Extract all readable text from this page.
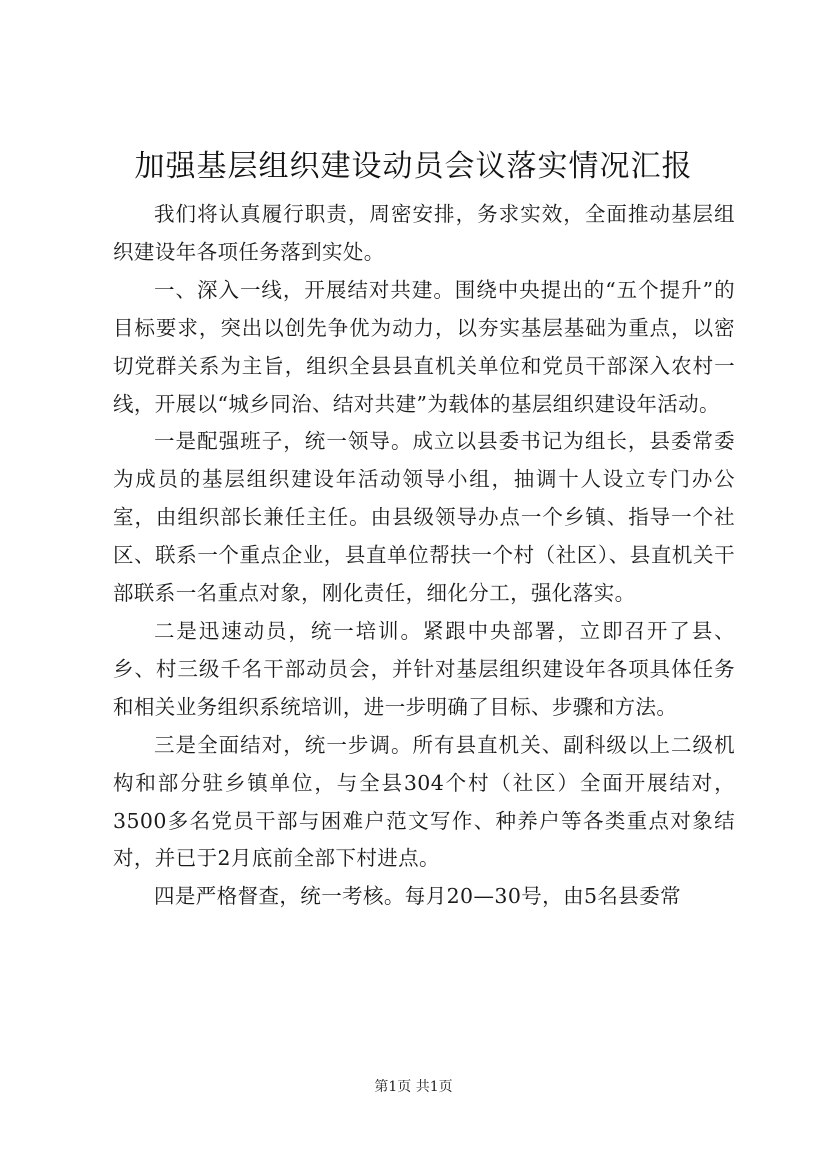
加强基层组织建设动员会议落实情况汇报

我们将认真履行职责，周密安排，务求实效，全面推动基层组织建设年各项任务落到实处。

一、深入一线，开展结对共建。围绕中央提出的“五个提升”的目标要求，突出以创先争优为动力，以夯实基层基础为重点，以密切党群关系为主旨，组织全县县直机关单位和党员干部深入农村一线，开展以“城乡同治、结对共建”为载体的基层组织建设年活动。

一是配强班子，统一领导。成立以县委书记为组长，县委常委为成员的基层组织建设年活动领导小组，抽调十人设立专门办公室，由组织部长兼任主任。由县级领导办点一个乡镇、指导一个社区、联系一个重点企业，县直单位帮扶一个村（社区）、县直机关干部联系一名重点对象，刚化责任，细化分工，强化落实。

二是迅速动员，统一培训。紧跟中央部署，立即召开了县、乡、村三级千名干部动员会，并针对基层组织建设年各项具体任务和相关业务组织系统培训，进一步明确了目标、步骤和方法。

三是全面结对，统一步调。所有县直机关、副科级以上二级机构和部分驻乡镇单位，与全县304个村（社区）全面开展结对，3500多名党员干部与困难户范文写作、种养户等各类重点对象结对，并已于2月底前全部下村进点。

四是严格督查，统一考核。每月20—30号，由5名县委常

第1页 共1页
